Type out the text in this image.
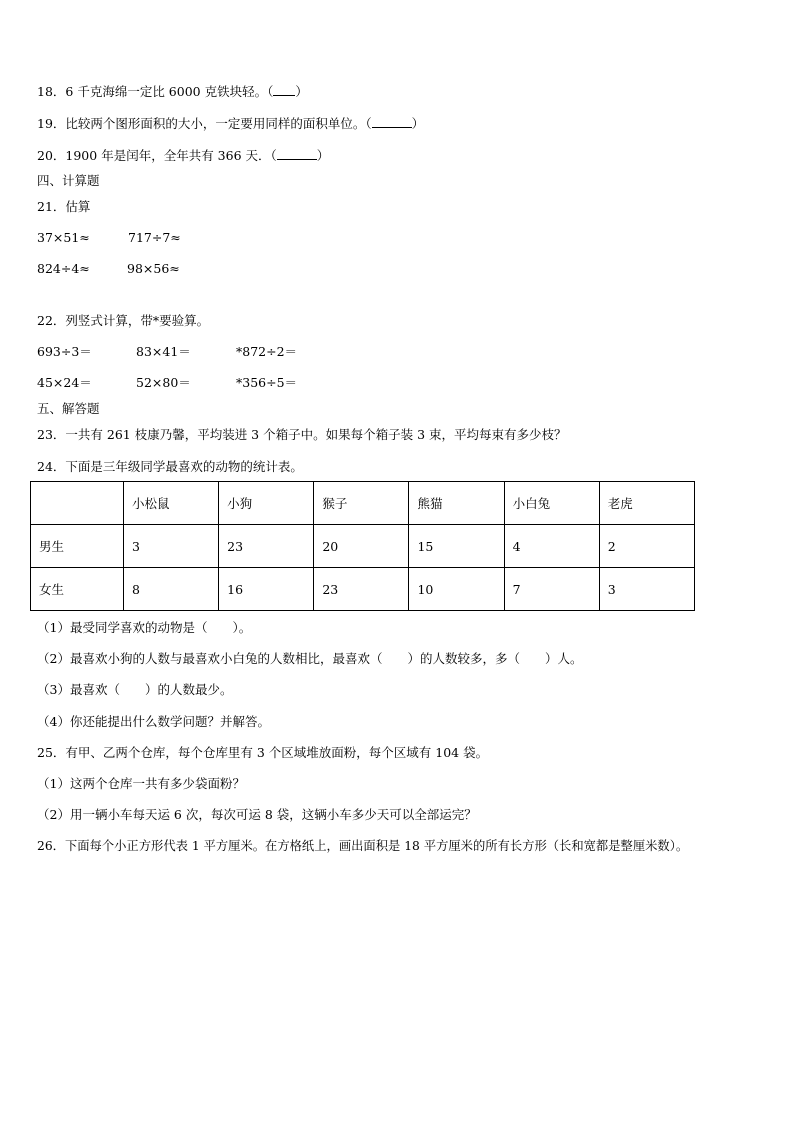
18．6 千克海绵一定比 6000 克铁块轻。（ ）
19．比较两个图形面积的大小，一定要用同样的面积单位。（	）
20．1900 年是闰年，全年共有 366 天．（	）
四、计算题
21．估算
37×51≈	717÷7≈
824÷4≈	98×56≈
22．列竖式计算，带*要验算。
693÷3＝	83×41＝	*872÷2＝
45×24＝	52×80＝	*356÷5＝
五、解答题
23．一共有 261 枝康乃馨，平均装进 3 个箱子中。如果每个箱子装 3 束，平均每束有多少枝？
24．下面是三年级同学最喜欢的动物的统计表。
	小松鼠	小狗	猴子	熊猫	小白兔	老虎
男生	3	23	20	15	4	2
女生	8	16	23	10	7	3
（1）最受同学喜欢的动物是（　　）。
（2）最喜欢小狗的人数与最喜欢小白兔的人数相比，最喜欢（　　）的人数较多，多（　　）人。
（3）最喜欢（　　）的人数最少。
（4）你还能提出什么数学问题？并解答。
25．有甲、乙两个仓库，每个仓库里有 3 个区域堆放面粉，每个区域有 104 袋。
（1）这两个仓库一共有多少袋面粉？
（2）用一辆小车每天运 6 次，每次可运 8 袋，这辆小车多少天可以全部运完？
26．下面每个小正方形代表 1 平方厘米。在方格纸上，画出面积是 18 平方厘米的所有长方形（长和宽都是整厘米数）。
